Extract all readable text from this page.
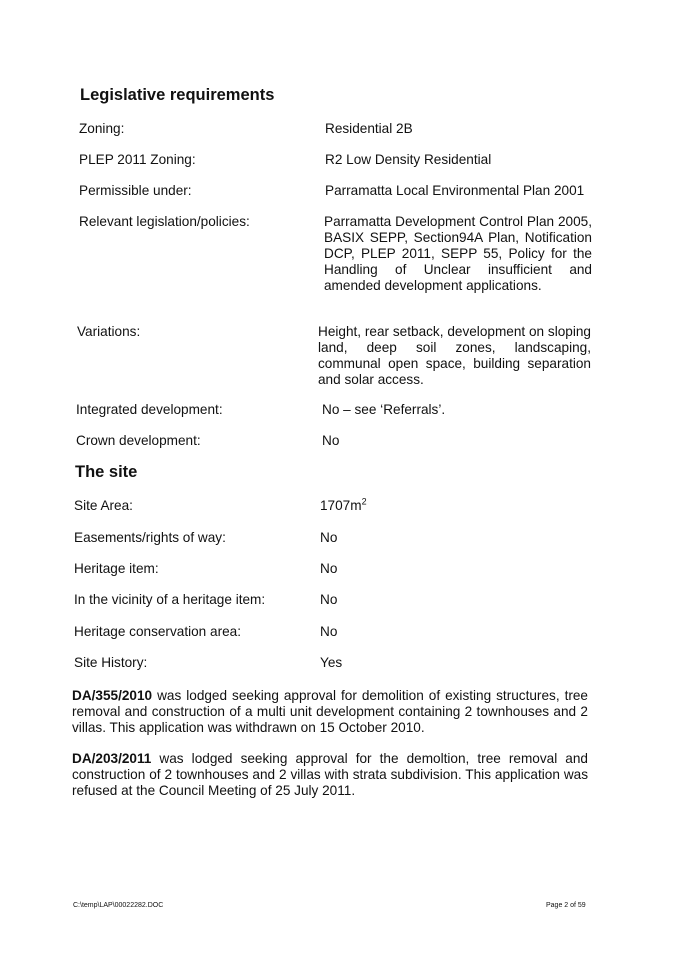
Legislative requirements
Zoning:	Residential 2B
PLEP 2011 Zoning:	R2 Low Density Residential
Permissible under:	Parramatta Local Environmental Plan 2001
Relevant legislation/policies:	Parramatta Development Control Plan 2005, BASIX SEPP, Section94A Plan, Notification DCP, PLEP 2011, SEPP 55, Policy for the Handling of Unclear insufficient and amended development applications.
Variations:	Height, rear setback, development on sloping land, deep soil zones, landscaping, communal open space, building separation and solar access.
Integrated development:	No – see ‘Referrals’.
Crown development:	No
The site
Site Area:	$1707m^2$
Easements/rights of way:	No
Heritage item:	No
In the vicinity of a heritage item:	No
Heritage conservation area:	No
Site History:	Yes

DA/355/2010 was lodged seeking approval for demolition of existing structures, tree removal and construction of a multi unit development containing 2 townhouses and 2 villas. This application was withdrawn on 15 October 2010.

DA/203/2011 was lodged seeking approval for the demoltion, tree removal and construction of 2 townhouses and 2 villas with strata subdivision. This application was refused at the Council Meeting of 25 July 2011.

C:\temp\LAP\00022282.DOC	Page 2 of 59
